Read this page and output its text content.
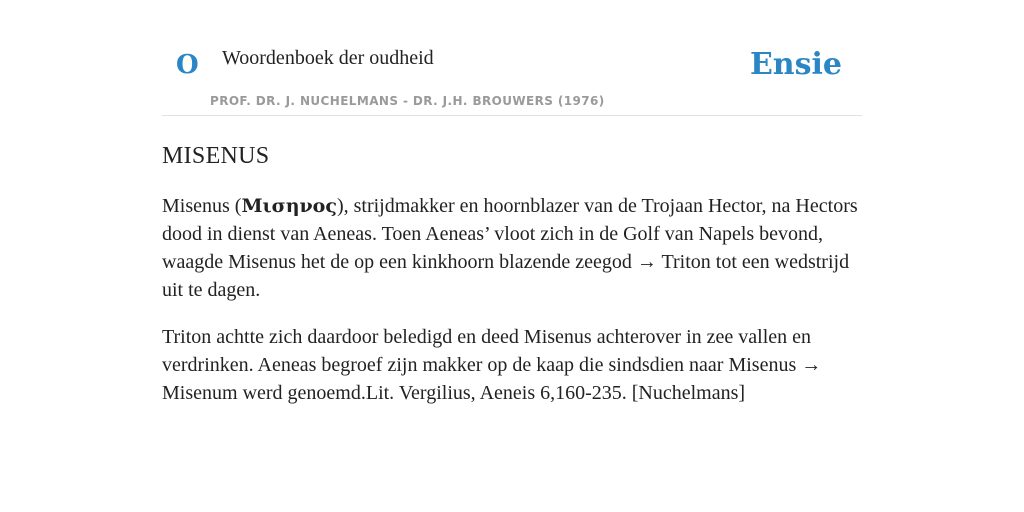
O Woordenboek der oudheid
PROF. DR. J. NUCHELMANS - DR. J.H. BROUWERS (1976)
Ensie
MISENUS

Misenus (Μισηνος), strijdmakker en hoornblazer van de Trojaan Hector, na Hectors dood in dienst van Aeneas. Toen Aeneas’ vloot zich in de Golf van Napels bevond, waagde Misenus het de op een kinkhoorn blazende zeegod → Triton tot een wedstrijd uit te dagen.

Triton achtte zich daardoor beledigd en deed Misenus achterover in zee vallen en verdrinken. Aeneas begroef zijn makker op de kaap die sindsdien naar Misenus → Misenum werd genoemd.Lit. Vergilius, Aeneis 6,160-235. [Nuchelmans]
